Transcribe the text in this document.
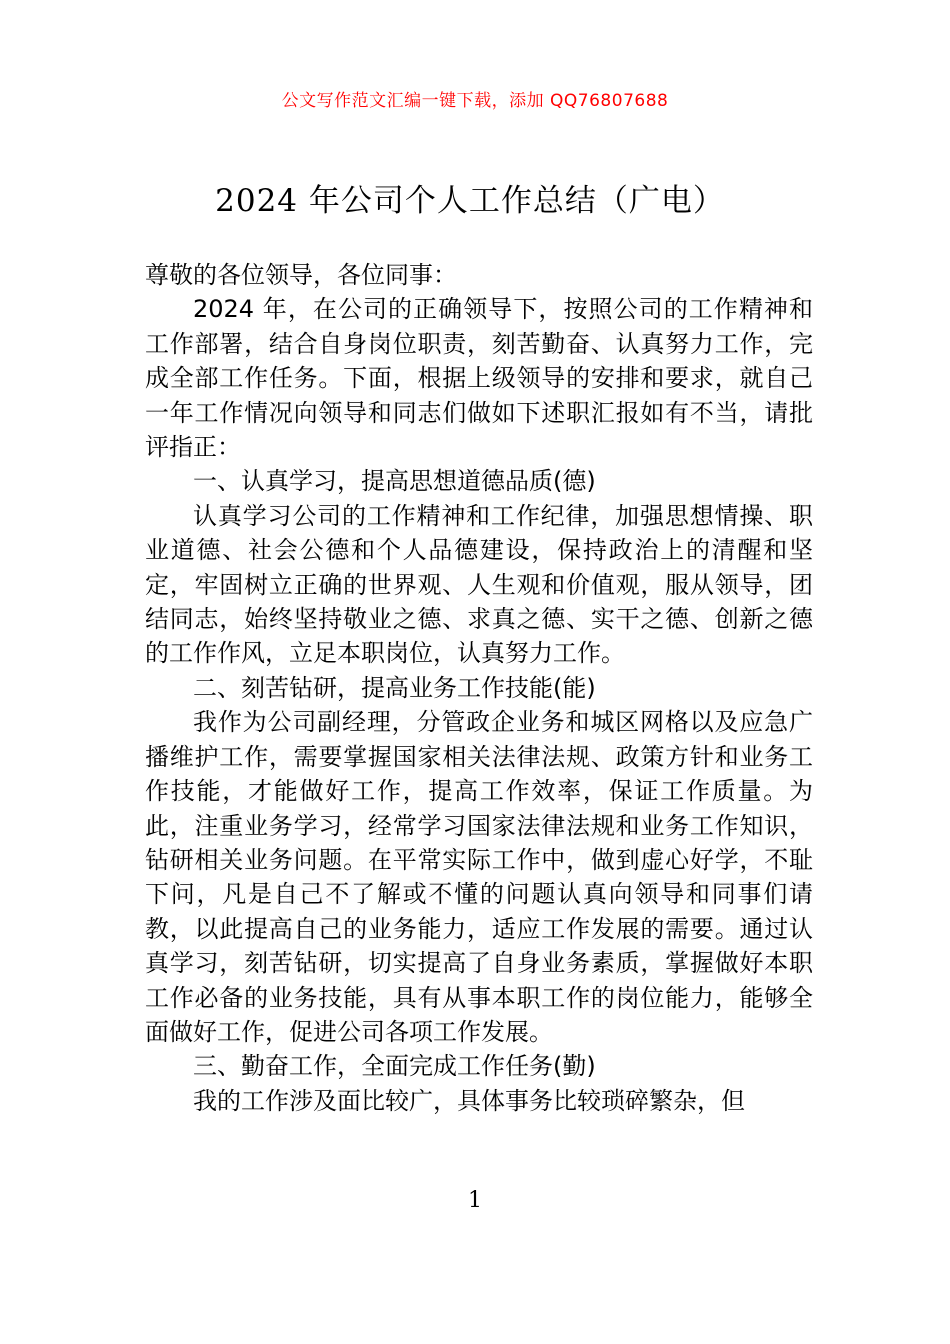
公文写作范文汇编一键下载，添加 QQ76807688
2024 年公司个人工作总结（广电）

尊敬的各位领导，各位同事：

2024 年，在公司的正确领导下，按照公司的工作精神和工作部署，结合自身岗位职责，刻苦勤奋、认真努力工作，完成全部工作任务。下面，根据上级领导的安排和要求，就自己一年工作情况向领导和同志们做如下述职汇报如有不当，请批评指正：

一、认真学习，提高思想道德品质(德)

认真学习公司的工作精神和工作纪律，加强思想情操、职业道德、社会公德和个人品德建设，保持政治上的清醒和坚定，牢固树立正确的世界观、人生观和价值观，服从领导，团结同志，始终坚持敬业之德、求真之德、实干之德、创新之德的工作作风，立足本职岗位，认真努力工作。

二、刻苦钻研，提高业务工作技能(能)

我作为公司副经理，分管政企业务和城区网格以及应急广播维护工作，需要掌握国家相关法律法规、政策方针和业务工作技能，才能做好工作，提高工作效率，保证工作质量。为此，注重业务学习，经常学习国家法律法规和业务工作知识，钻研相关业务问题。在平常实际工作中，做到虚心好学，不耻下问，凡是自己不了解或不懂的问题认真向领导和同事们请教，以此提高自己的业务能力，适应工作发展的需要。通过认真学习，刻苦钻研，切实提高了自身业务素质，掌握做好本职工作必备的业务技能，具有从事本职工作的岗位能力，能够全面做好工作，促进公司各项工作发展。

三、勤奋工作，全面完成工作任务(勤)

我的工作涉及面比较广，具体事务比较琐碎繁杂，但

1
